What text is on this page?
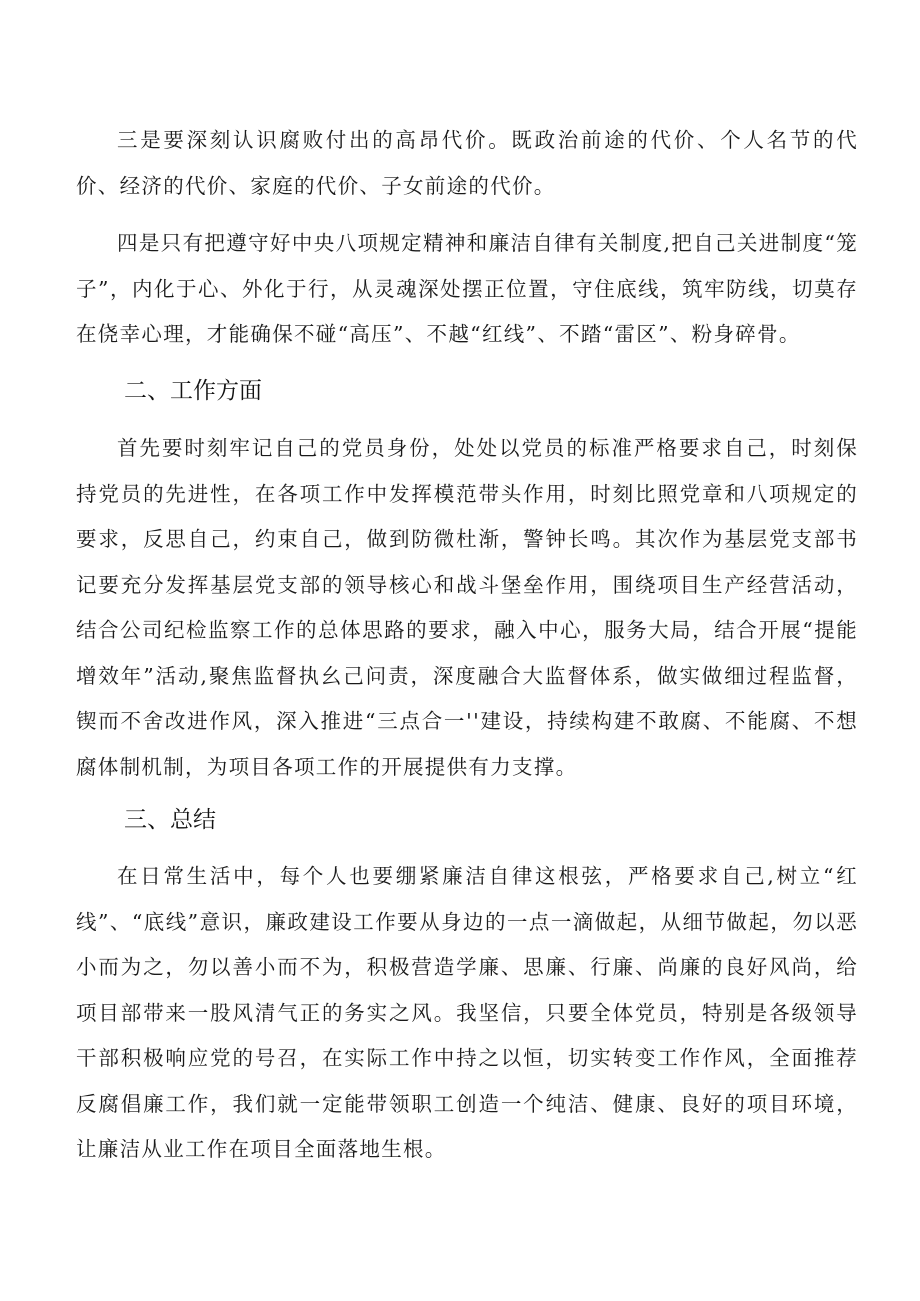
三是要深刻认识腐败付出的高昂代价。既政治前途的代价、个人名节的代价、经济的代价、家庭的代价、子女前途的代价。

四是只有把遵守好中央八项规定精神和廉洁自律有关制度,把自己关进制度“笼子”，内化于心、外化于行，从灵魂深处摆正位置，守住底线，筑牢防线，切莫存在侥幸心理，才能确保不碰“高压”、不越“红线”、不踏“雷区”、粉身碎骨。

二、工作方面

首先要时刻牢记自己的党员身份，处处以党员的标准严格要求自己，时刻保持党员的先进性，在各项工作中发挥模范带头作用，时刻比照党章和八项规定的要求，反思自己，约束自己，做到防微杜渐，警钟长鸣。其次作为基层党支部书记要充分发挥基层党支部的领导核心和战斗堡垒作用，围绕项目生产经营活动，结合公司纪检监察工作的总体思路的要求，融入中心，服务大局，结合开展“提能增效年”活动,聚焦监督执幺己问责，深度融合大监督体系，做实做细过程监督，锲而不舍改进作风，深入推进“三点合一''建设，持续构建不敢腐、不能腐、不想腐体制机制，为项目各项工作的开展提供有力支撑。

三、总结

在日常生活中，每个人也要绷紧廉洁自律这根弦，严格要求自己,树立“红线”、“底线”意识，廉政建设工作要从身边的一点一滴做起，从细节做起，勿以恶小而为之，勿以善小而不为，积极营造学廉、思廉、行廉、尚廉的良好风尚，给项目部带来一股风清气正的务实之风。我坚信，只要全体党员，特别是各级领导干部积极响应党的号召，在实际工作中持之以恒，切实转变工作作风，全面推荐反腐倡廉工作，我们就一定能带领职工创造一个纯洁、健康、良好的项目环境，让廉洁从业工作在项目全面落地生根。
